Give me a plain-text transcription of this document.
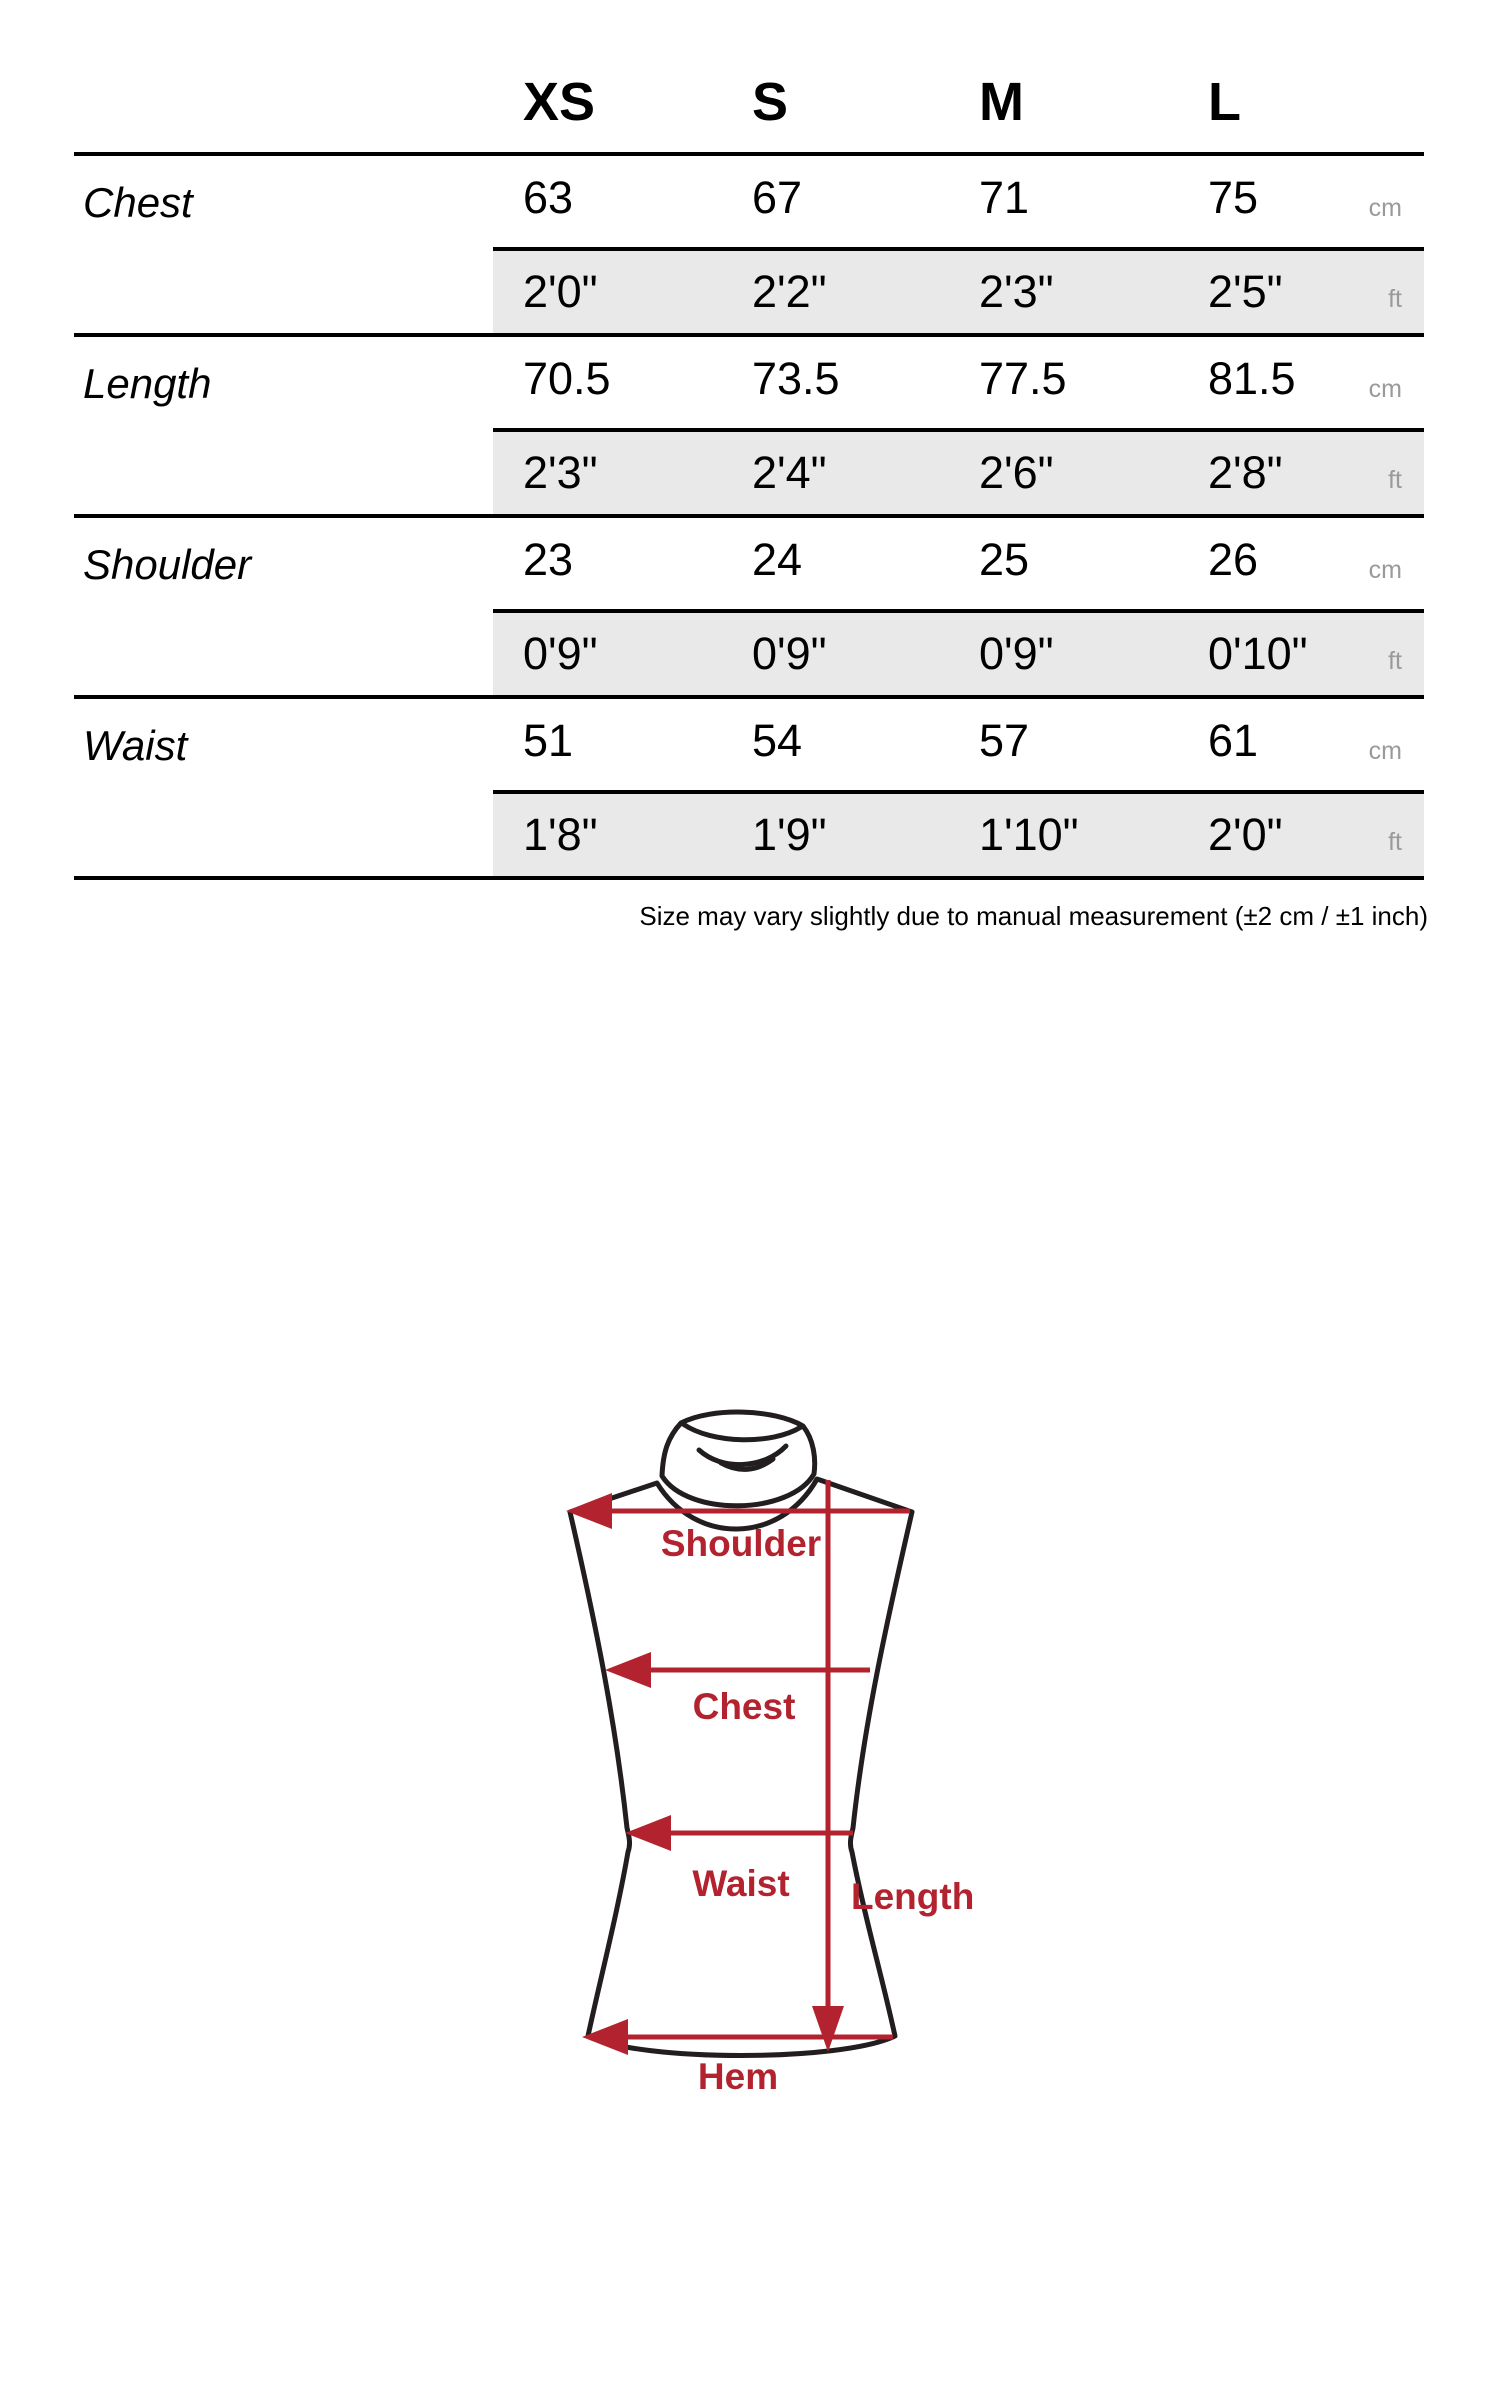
XS	S	M	L
Chest	63	67	71	75	cm
2'0"	2'2"	2'3"	2'5"	ft
Length	70.5	73.5	77.5	81.5	cm
2'3"	2'4"	2'6"	2'8"	ft
Shoulder	23	24	25	26	cm
0'9"	0'9"	0'9"	0'10"	ft
Waist	51	54	57	61	cm
1'8"	1'9"	1'10"	2'0"	ft
Size may vary slightly due to manual measurement (±2 cm / ±1 inch)
Shoulder
Chest
Waist Length
Hem
